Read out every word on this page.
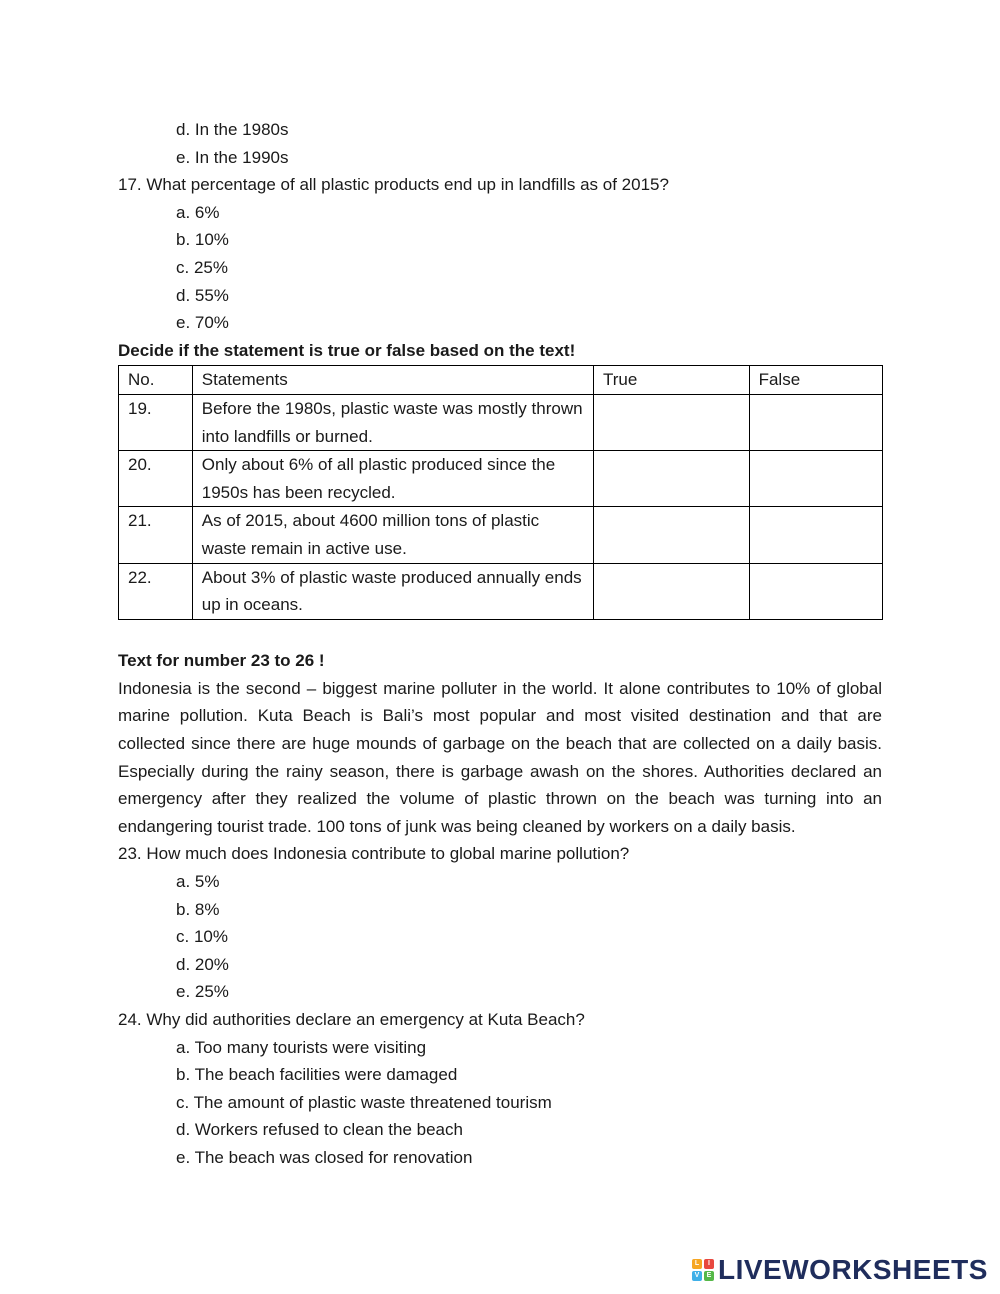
d. In the 1980s
e. In the 1990s
17. What percentage of all plastic products end up in landfills as of 2015?
a. 6%
b. 10%
c. 25%
d. 55%
e. 70%
Decide if the statement is true or false based on the text!
No.	Statements	True	False
19.	Before the 1980s, plastic waste was mostly thrown into landfills or burned.		
20.	Only about 6% of all plastic produced since the 1950s has been recycled.		
21.	As of 2015, about 4600 million tons of plastic waste remain in active use.		
22.	About 3% of plastic waste produced annually ends up in oceans.		
Text for number 23 to 26 !
Indonesia is the second – biggest marine polluter in the world. It alone contributes to 10% of global marine pollution. Kuta Beach is Bali’s most popular and most visited destination and that are collected since there are huge mounds of garbage on the beach that are collected on a daily basis. Especially during the rainy season, there is garbage awash on the shores. Authorities declared an emergency after they realized the volume of plastic thrown on the beach was turning into an endangering tourist trade. 100 tons of junk was being cleaned by workers on a daily basis.
23. How much does Indonesia contribute to global marine pollution?
a. 5%
b. 8%
c. 10%
d. 20%
e. 25%
24. Why did authorities declare an emergency at Kuta Beach?
a. Too many tourists were visiting
b. The beach facilities were damaged
c. The amount of plastic waste threatened tourism
d. Workers refused to clean the beach
e. The beach was closed for renovation
L	I
V	E LIVEWORKSHEETS
